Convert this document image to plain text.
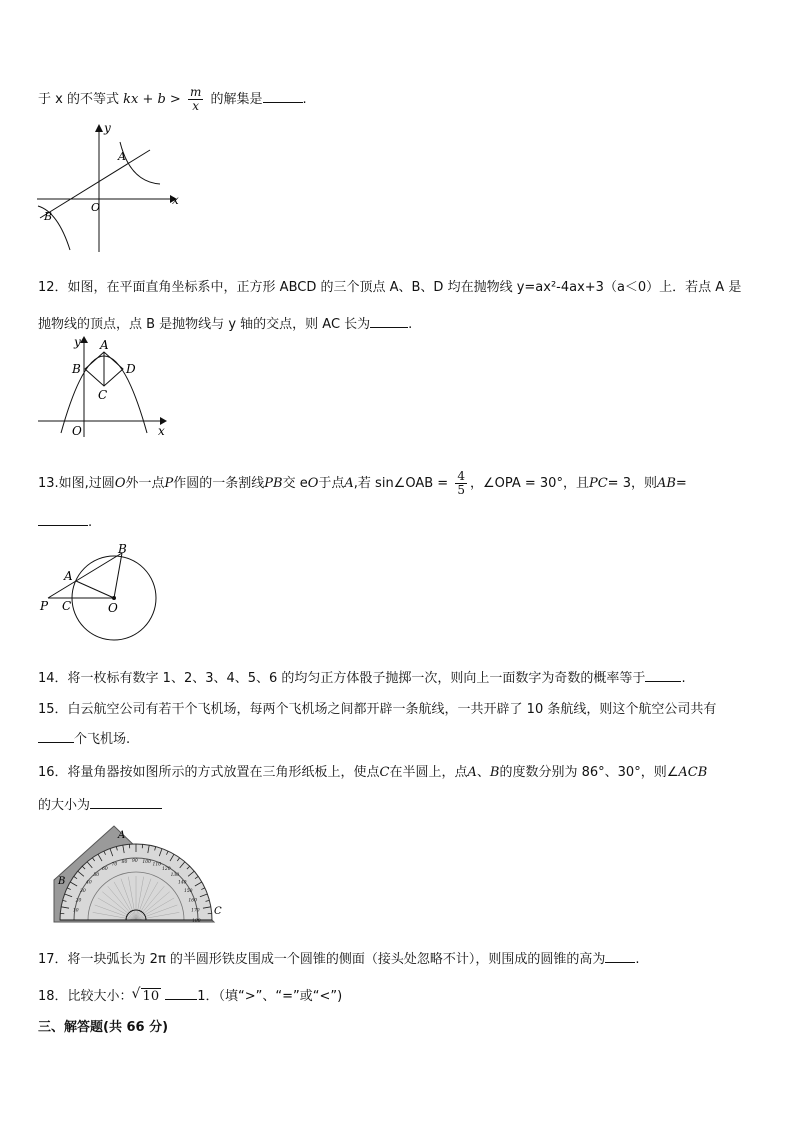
于 x 的不等式 kx + $b > \frac{m}{x}$ 的解集是	.
y
x
A
B
O
12．如图，在平面直角坐标系中，正方形 ABCD 的三个顶点 A、B、D 均在抛物线 y=ax²-4ax+3（a＜0）上．若点 A 是
抛物线的顶点，点 B 是抛物线与 y 轴的交点，则 AC 长为	.
y A
B
C
D
O	x
13.如图,过圆O外一点P作圆的一条割线PB交 eO于点A,若 sin∠OAB = $\frac{4}{5}$ ，∠OPA = 30°，且PC= 3，则AB=
.
B
A
P C	O
14．将一枚标有数字 1、2、3、4、5、6 的均匀正方体骰子抛掷一次，则向上一面数字为奇数的概率等于	.
15．白云航空公司有若干个飞机场，每两个飞机场之间都开辟一条航线，一共开辟了 10 条航线，则这个航空公司共有
个飞机场.
16．将量角器按如图所示的方式放置在三角形纸板上，使点C在半圆上，点A、B的度数分别为 86°、30°，则∠ACB
的大小为
10
20
30
40
50
60
70
80 90 100
110
120
130
140
150
160
170
180
A
B
C
17．将一块弧长为 2π 的半圆形铁皮围成一个圆锥的侧面（接头处忽略不计），则围成的圆锥的高为 .
18．比较大小：√ 10	1．（填“>”、“=”或“<”)
三、解答题(共 66 分)
